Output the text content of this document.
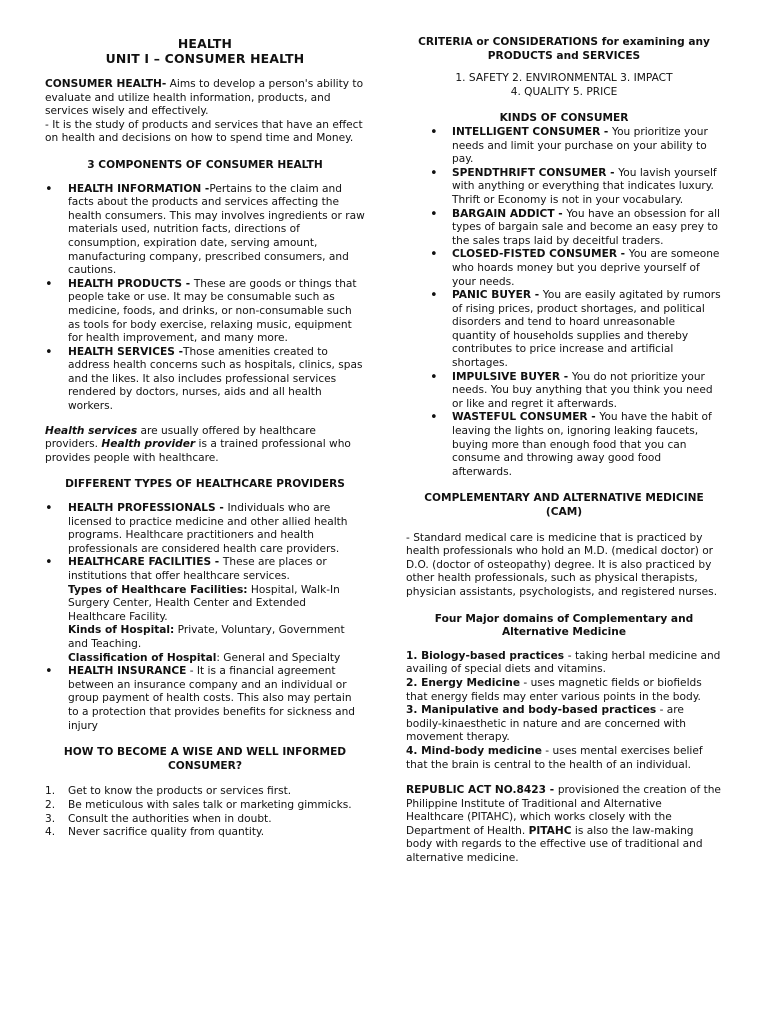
HEALTH

UNIT I – CONSUMER HEALTH

CONSUMER HEALTH- Aims to develop a person's ability to evaluate and utilize health information, products, and services wisely and effectively.

- It is the study of products and services that have an effect on health and decisions on how to spend time and Money.

3 COMPONENTS OF CONSUMER HEALTH

• HEALTH INFORMATION -Pertains to the claim and facts about the products and services affecting the health consumers. This may involves ingredients or raw materials used, nutrition facts, directions of consumption, expiration date, serving amount, manufacturing company, prescribed consumers, and cautions.
• HEALTH PRODUCTS - These are goods or things that people take or use. It may be consumable such as medicine, foods, and drinks, or non-consumable such as tools for body exercise, relaxing music, equipment for health improvement, and many more.
• HEALTH SERVICES -Those amenities created to address health concerns such as hospitals, clinics, spas and the likes. It also includes professional services rendered by doctors, nurses, aids and all health workers.

Health services are usually offered by healthcare providers. Health provider is a trained professional who provides people with healthcare.

DIFFERENT TYPES OF HEALTHCARE PROVIDERS

• HEALTH PROFESSIONALS - Individuals who are licensed to practice medicine and other allied health programs. Healthcare practitioners and health professionals are considered health care providers.
• HEALTHCARE FACILITIES - These are places or institutions that offer healthcare services.
Types of Healthcare Facilities: Hospital, Walk-In Surgery Center, Health Center and Extended Healthcare Facility.
Kinds of Hospital: Private, Voluntary, Government and Teaching.
Classification of Hospital: General and Specialty
• HEALTH INSURANCE - It is a financial agreement between an insurance company and an individual or group payment of health costs. This also may pertain to a protection that provides benefits for sickness and injury

HOW TO BECOME A WISE AND WELL INFORMED CONSUMER?

1. Get to know the products or services first.
2. Be meticulous with sales talk or marketing gimmicks.
3. Consult the authorities when in doubt.
4. Never sacrifice quality from quantity.

CRITERIA or CONSIDERATIONS for examining any PRODUCTS and SERVICES

1. SAFETY 2. ENVIRONMENTAL 3. IMPACT

4. QUALITY 5. PRICE

KINDS OF CONSUMER

• INTELLIGENT CONSUMER - You prioritize your needs and limit your purchase on your ability to pay.
• SPENDTHRIFT CONSUMER - You lavish yourself with anything or everything that indicates luxury. Thrift or Economy is not in your vocabulary.
• BARGAIN ADDICT - You have an obsession for all types of bargain sale and become an easy prey to the sales traps laid by deceitful traders.
• CLOSED-FISTED CONSUMER - You are someone who hoards money but you deprive yourself of your needs.
• PANIC BUYER - You are easily agitated by rumors of rising prices, product shortages, and political disorders and tend to hoard unreasonable quantity of households supplies and thereby contributes to price increase and artificial shortages.
• IMPULSIVE BUYER - You do not prioritize your needs. You buy anything that you think you need or like and regret it afterwards.
• WASTEFUL CONSUMER - You have the habit of leaving the lights on, ignoring leaking faucets, buying more than enough food that you can consume and throwing away good food afterwards.

COMPLEMENTARY AND ALTERNATIVE MEDICINE (CAM)

- Standard medical care is medicine that is practiced by health professionals who hold an M.D. (medical doctor) or D.O. (doctor of osteopathy) degree. It is also practiced by other health professionals, such as physical therapists, physician assistants, psychologists, and registered nurses.

Four Major domains of Complementary and Alternative Medicine

1. Biology-based practices - taking herbal medicine and availing of special diets and vitamins.

2. Energy Medicine - uses magnetic fields or biofields that energy fields may enter various points in the body.

3. Manipulative and body-based practices - are bodily-kinaesthetic in nature and are concerned with movement therapy.

4. Mind-body medicine - uses mental exercises belief that the brain is central to the health of an individual.

REPUBLIC ACT NO.8423 - provisioned the creation of the Philippine Institute of Traditional and Alternative Healthcare (PITAHC), which works closely with the Department of Health. PITAHC is also the law-making body with regards to the effective use of traditional and alternative medicine.
